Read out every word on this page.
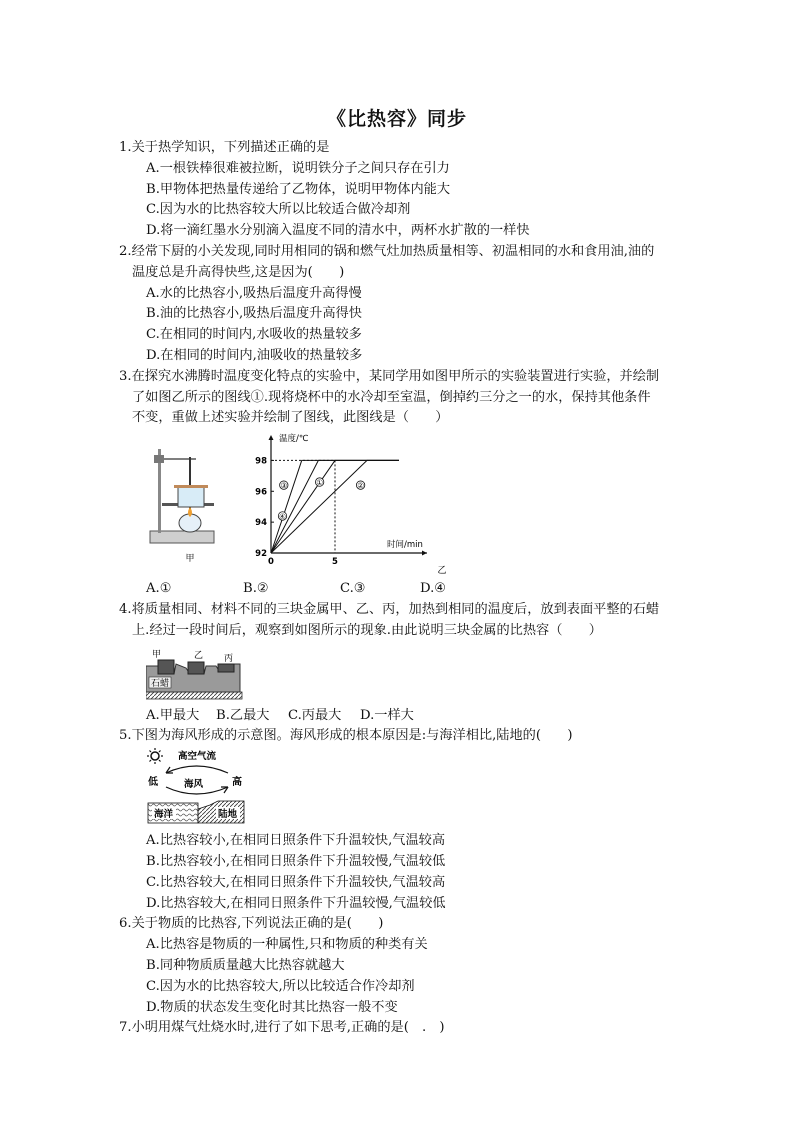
《比热容》同步
1.关于热学知识，下列描述正确的是
A.一根铁棒很难被拉断，说明铁分子之间只存在引力
B.甲物体把热量传递给了乙物体，说明甲物体内能大
C.因为水的比热容较大所以比较适合做冷却剂
D.将一滴红墨水分别滴入温度不同的清水中，两杯水扩散的一样快
2.经常下厨的小关发现,同时用相同的锅和燃气灶加热质量相等、初温相同的水和食用油,油的
温度总是升高得快些,这是因为(　　)
A.水的比热容小,吸热后温度升高得慢
B.油的比热容小,吸热后温度升高得快
C.在相同的时间内,水吸收的热量较多
D.在相同的时间内,油吸收的热量较多
3.在探究水沸腾时温度变化特点的实验中，某同学用如图甲所示的实验装置进行实验，并绘制
了如图乙所示的图线①.现将烧杯中的水冷却至室温，倒掉约三分之一的水，保持其他条件
不变，重做上述实验并绘制了图线，此图线是（　　）
甲
温度/℃
时间/min
92
94
96
98
0	5
①	②
③
④
乙
A.①	B.②	C.③	D.④
4.将质量相同、材料不同的三块金属甲、乙、丙，加热到相同的温度后，放到表面平整的石蜡
上.经过一段时间后，观察到如图所示的现象.由此说明三块金属的比热容（　　）
甲	乙 丙
石蜡
A.甲最大	B.乙最大	C.丙最大	D.一样大
5.下图为海风形成的示意图。海风形成的根本原因是:与海洋相比,陆地的(　　)
高空气流
低	高
海风
海洋	陆地
A.比热容较小,在相同日照条件下升温较快,气温较高
B.比热容较小,在相同日照条件下升温较慢,气温较低
C.比热容较大,在相同日照条件下升温较快,气温较高
D.比热容较大,在相同日照条件下升温较慢,气温较低
6.关于物质的比热容,下列说法正确的是(　　)
A.比热容是物质的一种属性,只和物质的种类有关
B.同种物质质量越大比热容就越大
C.因为水的比热容较大,所以比较适合作冷却剂
D.物质的状态发生变化时其比热容一般不变
7.小明用煤气灶烧水时,进行了如下思考,正确的是(　.　)
